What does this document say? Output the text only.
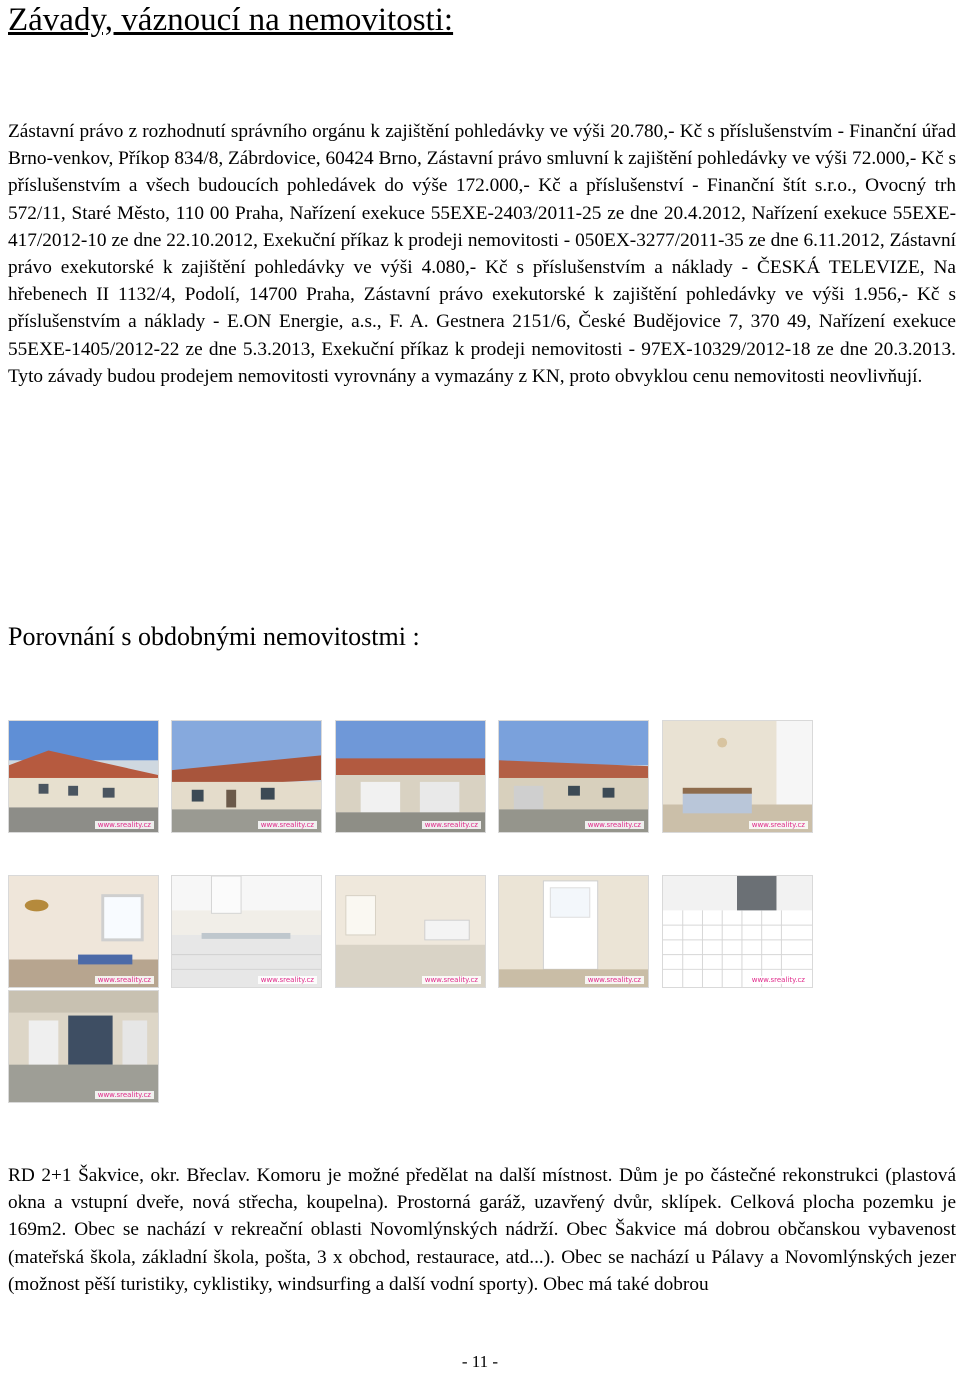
Závady, váznoucí na nemovitosti:

Zástavní právo z rozhodnutí správního orgánu k zajištění pohledávky ve výši 20.780,- Kč s příslušenstvím - Finanční úřad Brno-venkov, Příkop 834/8, Zábrdovice, 60424 Brno, Zástavní právo smluvní k zajištění pohledávky ve výši 72.000,- Kč s příslušenstvím a všech budoucích pohledávek do výše 172.000,- Kč a příslušenství - Finanční štít s.r.o., Ovocný trh 572/11, Staré Město, 110 00 Praha, Nařízení exekuce 55EXE-2403/2011-25 ze dne 20.4.2012, Nařízení exekuce 55EXE-417/2012-10 ze dne 22.10.2012, Exekuční příkaz k prodeji nemovitosti - 050EX-3277/2011-35 ze dne 6.11.2012, Zástavní právo exekutorské k zajištění pohledávky ve výši 4.080,- Kč s příslušenstvím a náklady - ČESKÁ TELEVIZE, Na hřebenech II 1132/4, Podolí, 14700 Praha, Zástavní právo exekutorské k zajištění pohledávky ve výši 1.956,- Kč s příslušenstvím a náklady - E.ON Energie, a.s., F. A. Gestnera 2151/6, České Budějovice 7, 370 49, Nařízení exekuce 55EXE-1405/2012-22 ze dne 5.3.2013, Exekuční příkaz k prodeji nemovitosti - 97EX-10329/2012-18 ze dne 20.3.2013. Tyto závady budou prodejem nemovitosti vyrovnány a vymazány z KN, proto obvyklou cenu nemovitosti neovlivňují.

Porovnání s obdobnými nemovitostmi :
www.sreality.cz	www.sreality.cz	www.sreality.cz	www.sreality.cz	www.sreality.cz
www.sreality.cz	www.sreality.cz	www.sreality.cz	www.sreality.cz	www.sreality.cz
www.sreality.cz

RD 2+1 Šakvice, okr. Břeclav. Komoru je možné předělat na další místnost. Dům je po částečné rekonstrukci (plastová okna a vstupní dveře, nová střecha, koupelna). Prostorná garáž, uzavřený dvůr, sklípek. Celková plocha pozemku je 169m2. Obec se nachází v rekreační oblasti Novomlýnských nádrží. Obec Šakvice má dobrou občanskou vybavenost (mateřská škola, základní škola, pošta, 3 x obchod, restaurace, atd...). Obec se nachází u Pálavy a Novomlýnských jezer (možnost pěší turistiky, cyklistiky, windsurfing a další vodní sporty). Obec má také dobrou

- 11 -
